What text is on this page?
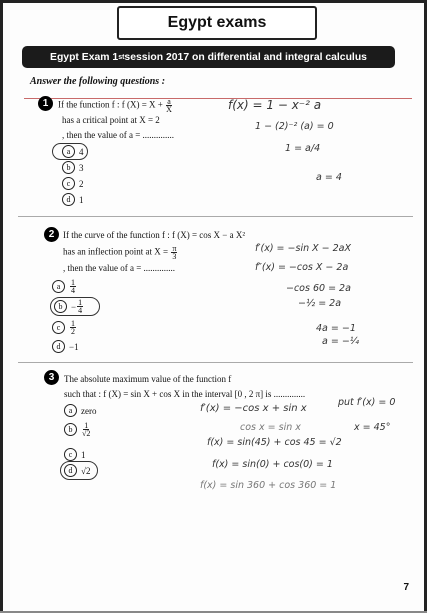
Egypt exams
Egypt Exam 1 st session 2017 on differential and integral calculus
Answer the following questions :
1	If the function f : f $(X) = X + \frac{a}{X}$
has a critical point at X = 2
, then the value of a = ..............
a 4
b 3
c 2
d 1
f(x) = 1 − x⁻² a
1 − (2)⁻² (a) = 0
1 = a/4
a = 4
2 If the curve of the function f : f (X) = cos X − a X²
has an inflection point at $X = \frac{\pi}{3}$
, then the value of a = ..............
a	$\frac{1}{4}$
$b - \frac{1}{4}$
c	$\frac{1}{2}$
d −1
f′(x) = −sin X − 2aX
f″(x) = −cos X − 2a
−cos 60 = 2a
−½ = 2a
4a = −1
a = −¼
3	The absolute maximum value of the function f
such that : f (X) = sin X + cos X in the interval [0 , 2 π] is ..............
a zero
b	$\frac{1}{√2}$
c 1
d √2
put f′(x) = 0
f′(x) = −cos x + sin x
cos x = sin x	x = 45°
f(x) = sin(45) + cos 45 = √2
f(x) = sin(0) + cos(0) = 1
f(x) = sin 360 + cos 360 = 1
7
